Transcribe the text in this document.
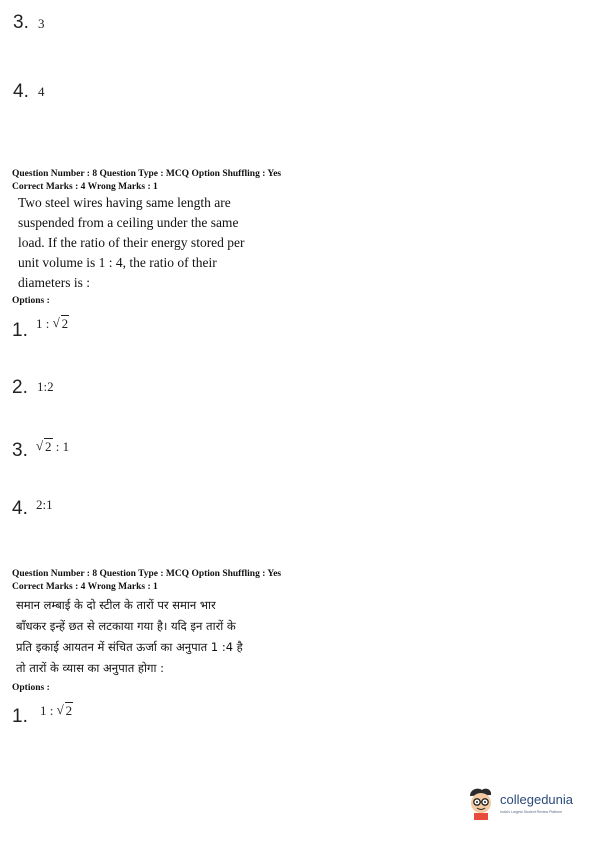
3. 3
4. 4
Question Number : 8 Question Type : MCQ Option Shuffling : Yes
Correct Marks : 4 Wrong Marks : 1
Two steel wires having same length are
suspended from a ceiling under the same
load. If the ratio of their energy stored per
unit volume is 1 : 4, the ratio of their
diameters is :
Options :
1. 1 : √ 2
2. 1:2
3.
√	2 : 1
4. 2:1
Question Number : 8 Question Type : MCQ Option Shuffling : Yes
Correct Marks : 4 Wrong Marks : 1
समान लम्बाई के दो स्टील के तारों पर समान भार
बाँधकर इन्हें छत से लटकाया गया है। यदि इन तारों के
प्रति इकाई आयतन में संचित ऊर्जा का अनुपात 1 :4 है
तो तारों के व्यास का अनुपात होगा :
Options :
1. 1 : √ 2
collegedunia
India's Largest Student Review Platform
